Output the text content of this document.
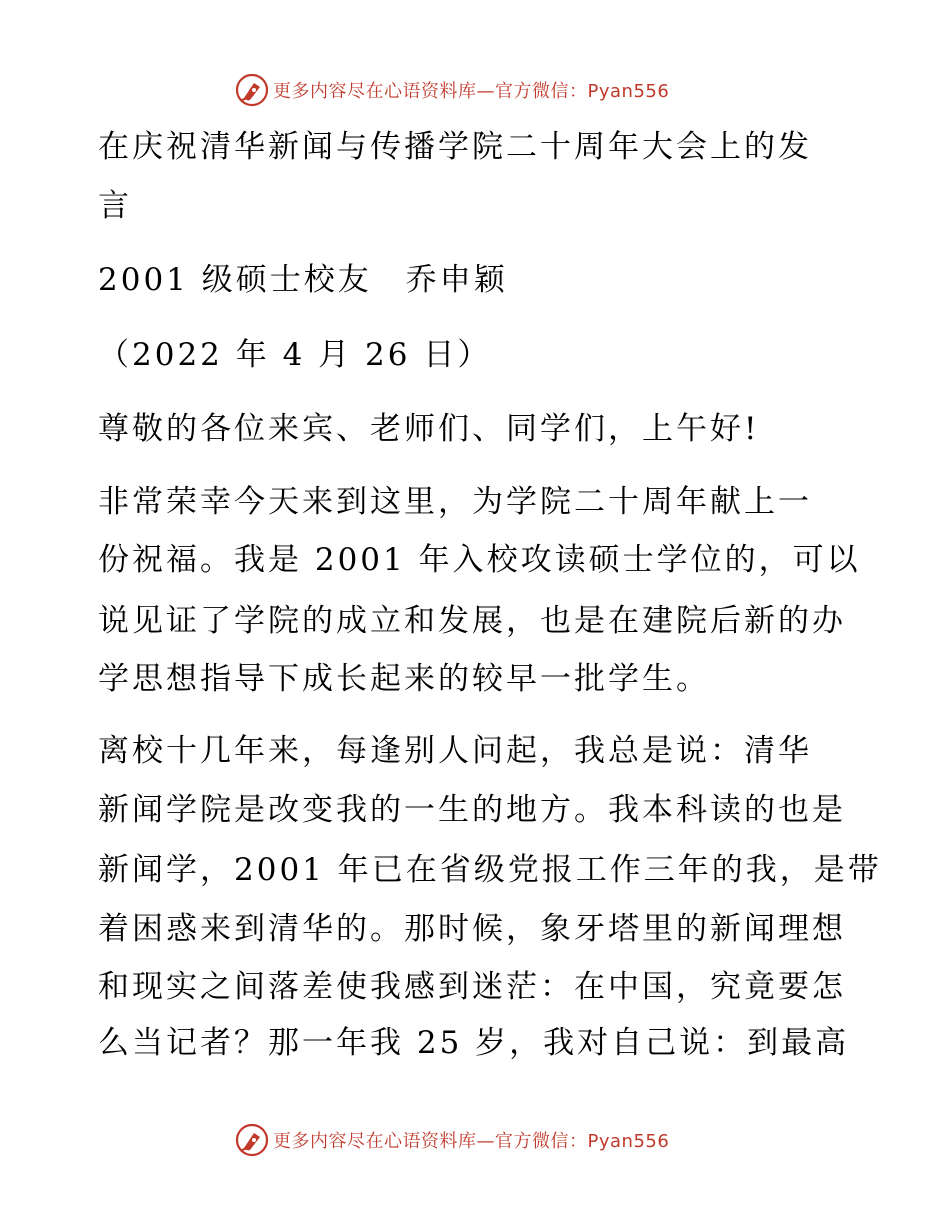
更多内容尽在心语资料库—官方微信：Pyan556
在庆祝清华新闻与传播学院二十周年大会上的发
言
2001 级硕士校友　乔申颖
（2022 年 4 月 26 日）
尊敬的各位来宾、老师们、同学们，上午好!
非常荣幸今天来到这里，为学院二十周年献上一
份祝福。我是 2001 年入校攻读硕士学位的，可以
说见证了学院的成立和发展，也是在建院后新的办
学思想指导下成长起来的较早一批学生。
离校十几年来，每逢别人问起，我总是说：清华
新闻学院是改变我的一生的地方。我本科读的也是
新闻学，2001 年已在省级党报工作三年的我，是带
着困惑来到清华的。那时候，象牙塔里的新闻理想
和现实之间落差使我感到迷茫：在中国，究竟要怎
么当记者？那一年我 25 岁，我对自己说：到最高
更多内容尽在心语资料库—官方微信：Pyan556
